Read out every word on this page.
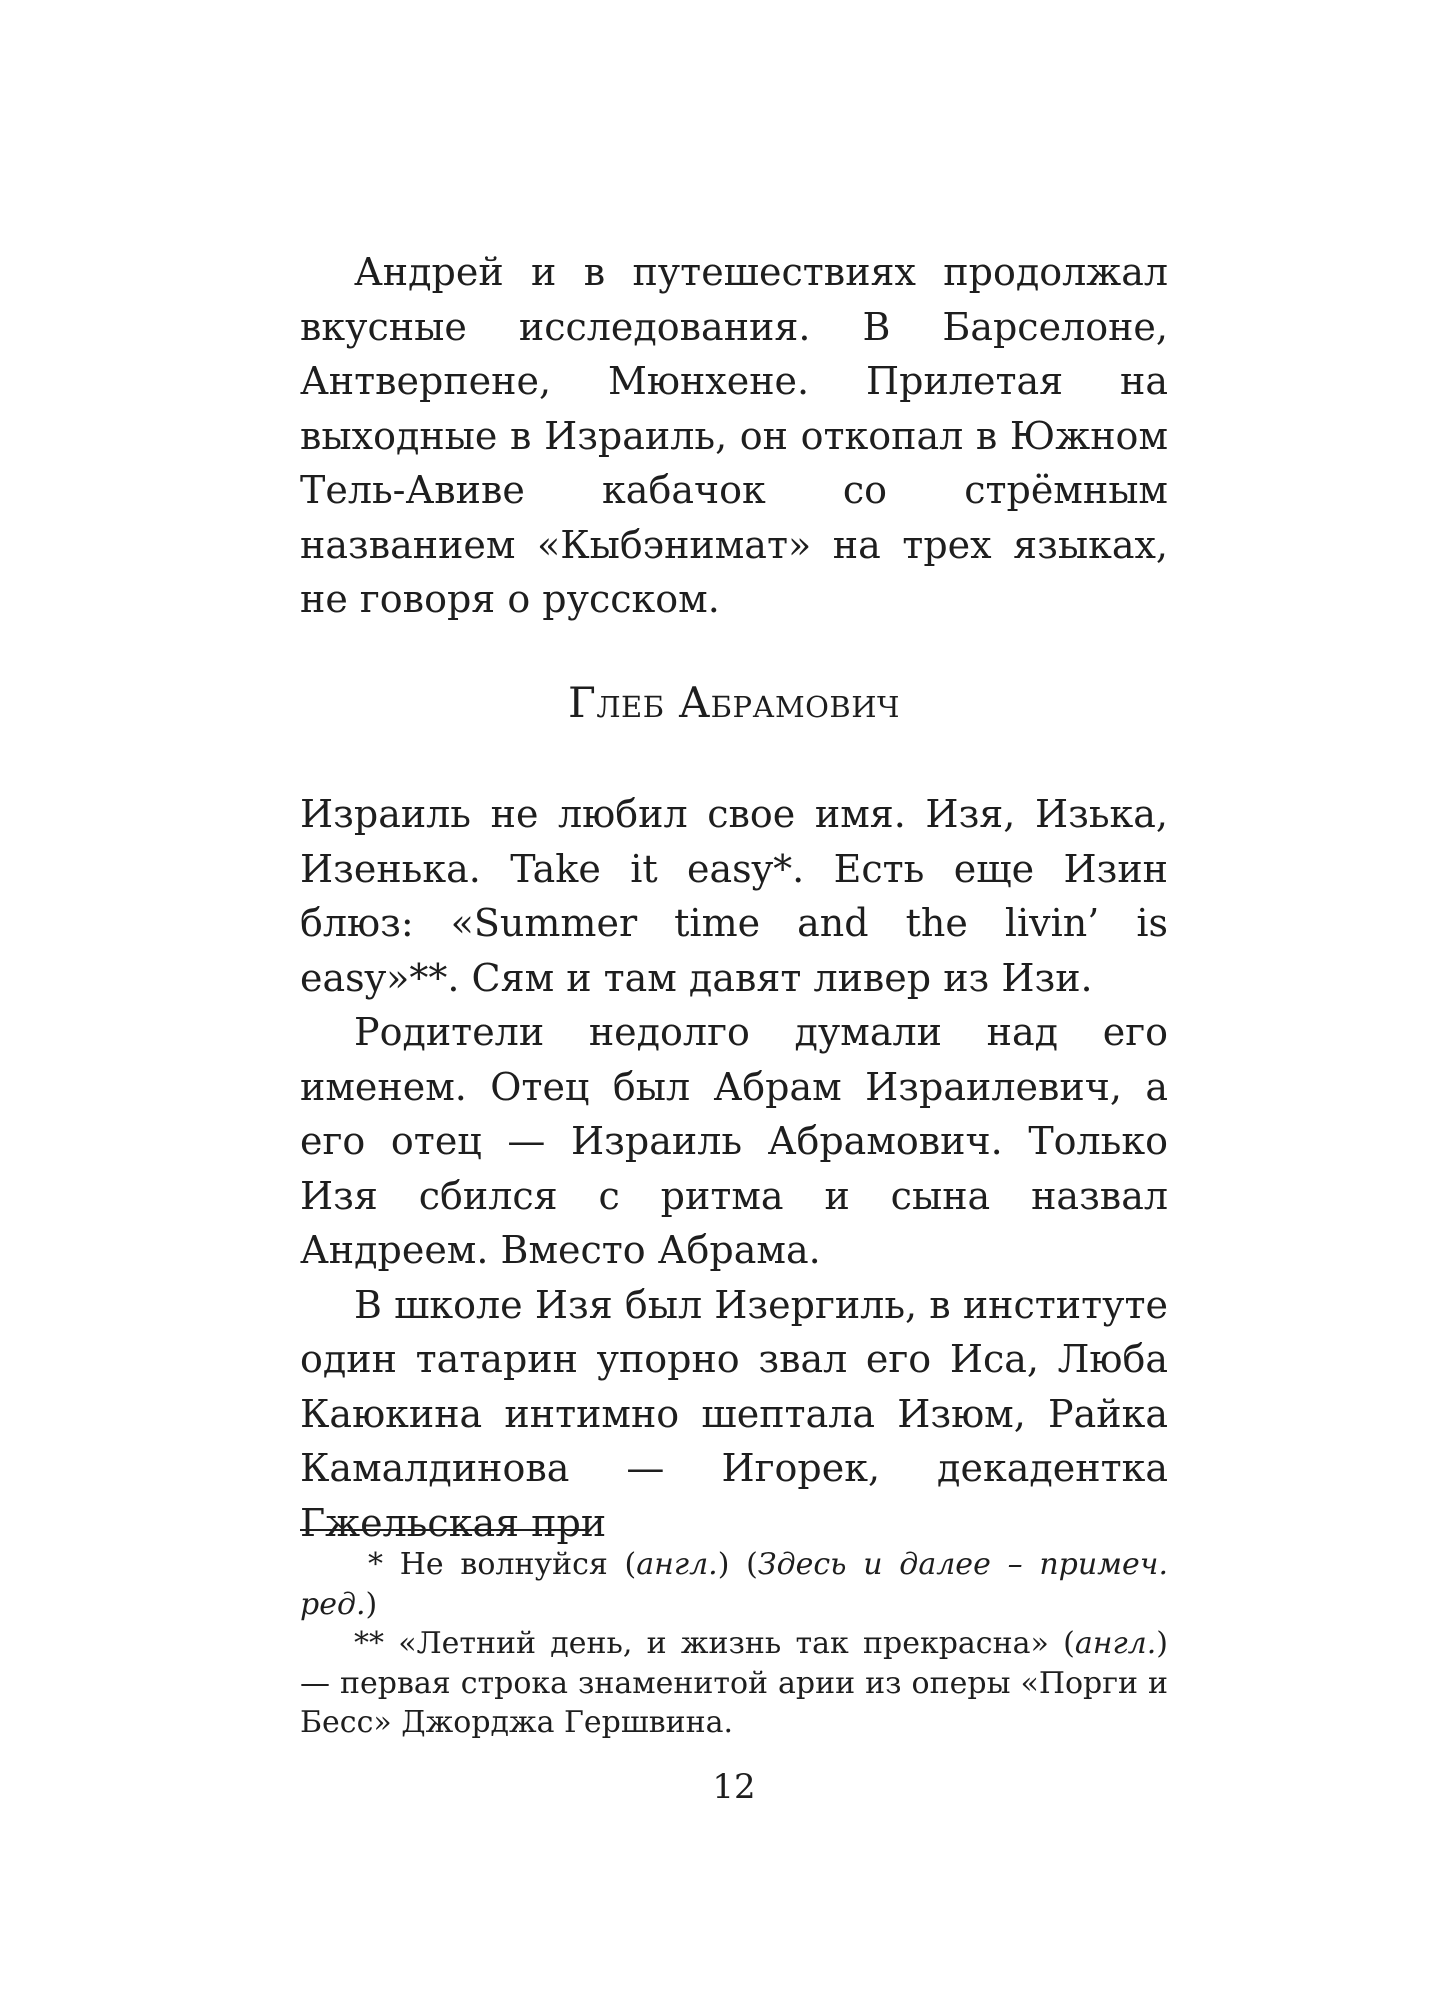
Андрей и в путешествиях продолжал вкусные исследования. В Барселоне, Антверпене, Мюнхене. Прилетая на выходные в Израиль, он откопал в Южном Тель-Авиве кабачок со стрёмным названием «Кыбэнимат» на трех языках, не говоря о русском.

Глеб Абрамович

Израиль не любил свое имя. Изя, Изька, Изенька. Take it easy*. Есть еще Изин блюз: «Summer time and the livin’ is easy»**. Сям и там давят ливер из Изи.

Родители недолго думали над его именем. Отец был Абрам Израилевич, а его отец — Израиль Абрамович. Только Изя сбился с ритма и сына назвал Андреем. Вместо Абрама.

В школе Изя был Изергиль, в институте один татарин упорно звал его Иса, Люба Каюкина интимно шептала Изюм, Райка Камалдинова — Игорек, декадентка Гжельская при

* Не волнуйся (англ.) (Здесь и далее – примеч. ред.)

** «Летний день, и жизнь так прекрасна» (англ.) — первая строка знаменитой арии из оперы «Порги и Бесс» Джорджа Гершвина.

12
